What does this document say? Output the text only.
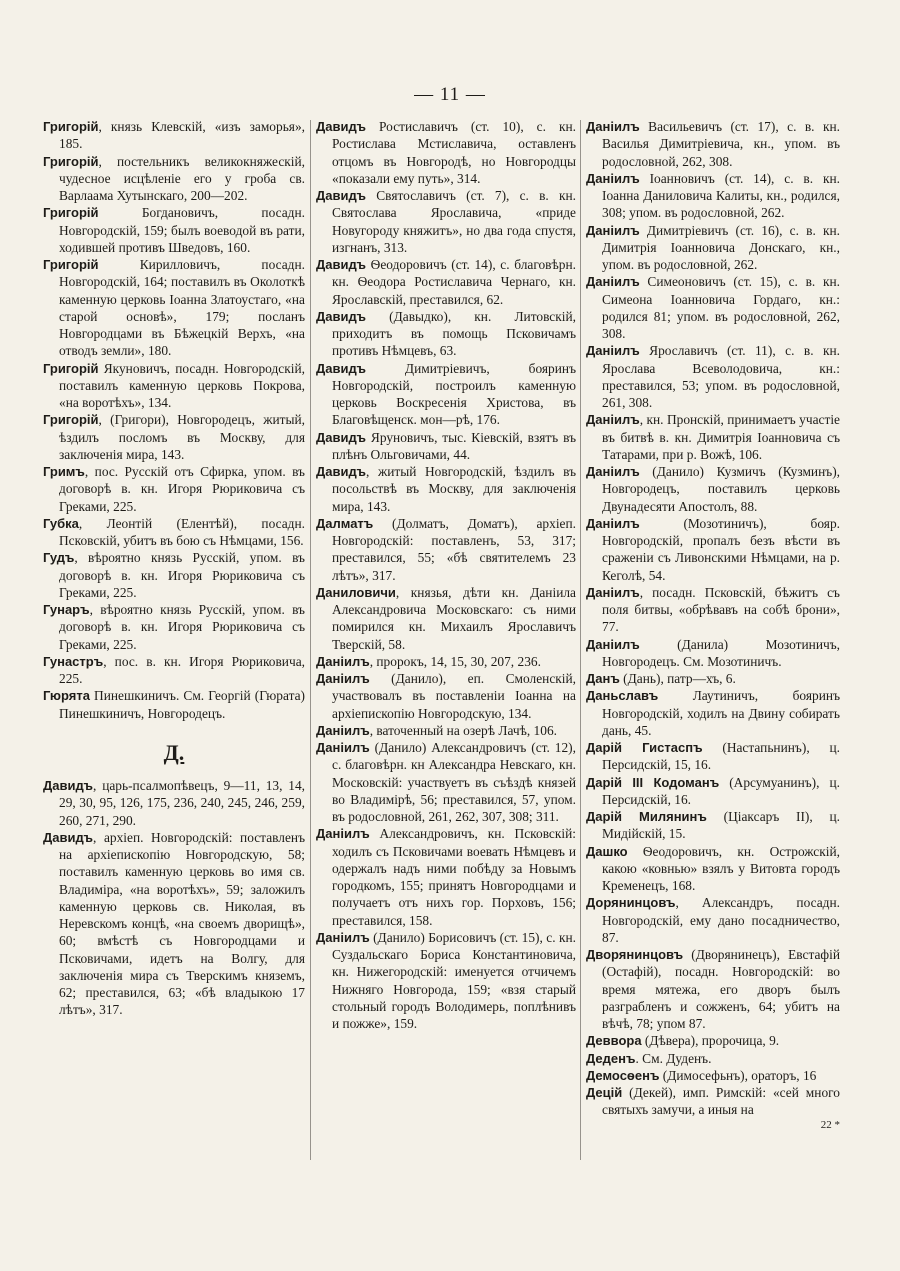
— 11 —

Григорій, князь Клевскій, «изъ заморья», 185.

Григорій, постельникъ великокняжескій, чудесное исцѣленіе его у гроба св. Варлаама Хутынскаго, 200—202.

Григорій Богдановичъ, посадн. Новгородскій, 159; былъ воеводой въ рати, ходившей противъ Шведовъ, 160.

Григорій Кирилловичъ, посадн. Новгородскій, 164; поставилъ въ Околоткѣ каменную церковь Іоанна Златоустаго, «на старой основѣ», 179; посланъ Новгородцами въ Бѣжецкій Верхъ, «на отводъ земли», 180.

Григорій Якуновичъ, посадн. Новгородскій, поставилъ каменную церковь Покрова, «на воротѣхъ», 134.

Григорій, (Григори), Новгородецъ, житый, ѣздилъ посломъ въ Москву, для заключенія мира, 143.

Гримъ, пос. Русскій отъ Сфирка, упом. въ договорѣ в. кн. Игоря Рюриковича съ Греками, 225.

Губка, Леонтій (Елентѣй), посадн. Псковскій, убитъ въ бою съ Нѣмцами, 156.

Гудъ, вѣроятно князь Русскій, упом. въ договорѣ в. кн. Игоря Рюриковича съ Греками, 225.

Гунаръ, вѣроятно князь Русскій, упом. въ договорѣ в. кн. Игоря Рюриковича съ Греками, 225.

Гунастръ, пос. в. кн. Игоря Рюриковича, 225.

Гюрята Пинешкиничъ. См. Георгій (Гюрата) Пинешкиничъ, Новгородецъ.

Д.

Давидъ, царь-псалмопѣвецъ, 9—11, 13, 14, 29, 30, 95, 126, 175, 236, 240, 245, 246, 259, 260, 271, 290.

Давидъ, архіеп. Новгородскій: поставленъ на архіепископію Новгородскую, 58; поставилъ каменную церковь во имя св. Владиміра, «на воротѣхъ», 59; заложилъ каменную церковь св. Николая, въ Неревскомъ концѣ, «на своемъ дворищѣ», 60; вмѣстѣ съ Новгородцами и Псковичами, идетъ на Волгу, для заключенія мира съ Тверскимъ княземъ, 62; преставился, 63; «бѣ владыкою 17 лѣтъ», 317.

Давидъ Ростиславичъ (ст. 10), с. кн. Ростислава Мстиславича, оставленъ отцомъ въ Новгородѣ, но Новгородцы «показали ему путь», 314.

Давидъ Святославичъ (ст. 7), с. в. кн. Святослава Ярославича, «приде Новугороду княжитъ», но два года спустя, изгнанъ, 313.

Давидъ Ѳеодоровичъ (ст. 14), с. благовѣрн. кн. Ѳеодора Ростиславича Чернаго, кн. Ярославскій, преставился, 62.

Давидъ (Давыдко), кн. Литовскій, приходитъ въ помощь Псковичамъ противъ Нѣмцевъ, 63.

Давидъ Димитріевичъ, бояринъ Новгородскій, построилъ каменную церковь Воскресенія Христова, въ Благовѣщенск. мон—рѣ, 176.

Давидъ Яруновичъ, тыс. Кіевскій, взятъ въ плѣнъ Ольговичами, 44.

Давидъ, житый Новгородскій, ѣздилъ въ посольствѣ въ Москву, для заключенія мира, 143.

Далматъ (Долматъ, Доматъ), архіеп. Новгородскій: поставленъ, 53, 317; преставился, 55; «бѣ святителемъ 23 лѣтъ», 317.

Даниловичи, князья, дѣти кн. Даніила Александровича Московскаго: съ ними помирился кн. Михаилъ Ярославичъ Тверскій, 58.

Даніилъ, пророкъ, 14, 15, 30, 207, 236.

Даніилъ (Данило), еп. Смоленскій, участвовалъ въ поставленіи Іоанна на архіепископію Новгородскую, 134.

Даніилъ, ваточенный на озерѣ Лачѣ, 106.

Даніилъ (Данило) Александровичъ (ст. 12), с. благовѣрн. кн Александра Невскаго, кн. Московскій: участвуетъ въ съѣздѣ князей во Владимірѣ, 56; преставился, 57, упом. въ родословной, 261, 262, 307, 308; 311.

Даніилъ Александровичъ, кн. Псковскій: ходилъ съ Псковичами воевать Нѣмцевъ и одержалъ надъ ними побѣду за Новымъ городкомъ, 155; принятъ Новгородцами и получаетъ отъ нихъ гор. Порховъ, 156; преставился, 158.

Даніилъ (Данило) Борисовичъ (ст. 15), с. кн. Суздальскаго Бориса Константиновича, кн. Нижегородскій: именуется отчичемъ Нижняго Новгорода, 159; «взя старый стольный городъ Володимерь, поплѣнивъ и пожже», 159.

Даніилъ Васильевичъ (ст. 17), с. в. кн. Василья Димитріевича, кн., упом. въ родословной, 262, 308.

Даніилъ Іоанновичъ (ст. 14), с. в. кн. Іоанна Даниловича Калиты, кн., родился, 308; упом. въ родословной, 262.

Даніилъ Димитріевичъ (ст. 16), с. в. кн. Димитрія Іоанновича Донскаго, кн., упом. въ родословной, 262.

Даніилъ Симеоновичъ (ст. 15), с. в. кн. Симеона Іоанновича Гордаго, кн.: родился 81; упом. въ родословной, 262, 308.

Даніилъ Ярославичъ (ст. 11), с. в. кн. Ярослава Всеволодовича, кн.: преставился, 53; упом. въ родословной, 261, 308.

Даніилъ, кн. Пронскій, принимаетъ участіе въ битвѣ в. кн. Димитрія Іоанновича съ Татарами, при р. Вожѣ, 106.

Даніилъ (Данило) Кузмичъ (Кузминъ), Новгородецъ, поставилъ церковь Двунадесяти Апостолъ, 88.

Даніилъ (Мозотиничъ), бояр. Новгородскій, пропалъ безъ вѣсти въ сраженіи съ Ливонскими Нѣмцами, на р. Кеголѣ, 54.

Даніилъ, посадн. Псковскій, бѣжитъ съ поля битвы, «обрѣвавъ на собѣ брони», 77.

Даніилъ (Данила) Мозотиничъ, Новгородецъ. См. Мозотиничъ.

Данъ (Дань), патр—хъ, 6.

Даньславъ Лаутиничъ, бояринъ Новгородскій, ходилъ на Двину собирать дань, 45.

Дарій Гистаспъ (Настапьнинъ), ц. Персидскій, 15, 16.

Дарій III Кодоманъ (Арсумуанинъ), ц. Персидскій, 16.

Дарій Милянинъ (Ціаксаръ II), ц. Мидійскій, 15.

Дашко Ѳеодоровичъ, кн. Острожскій, какою «ковнью» взялъ у Витовта городъ Кременецъ, 168.

Дорянинцовъ, Александръ, посадн. Новгородскій, ему дано посадничество, 87.

Дворянинцовъ (Дворянинецъ), Евстафій (Остафій), посадн. Новгородскій: во время мятежа, его дворъ былъ разграбленъ и сожженъ, 64; убитъ на вѣчѣ, 78; упом 87.

Деввора (Дѣвера), пророчица, 9.

Деденъ. См. Дуденъ.

Демосѳенъ (Димосефьнъ), ораторъ, 16

Децій (Декей), имп. Римскій: «сей много святыхъ замучи, а иныя на

22 *
